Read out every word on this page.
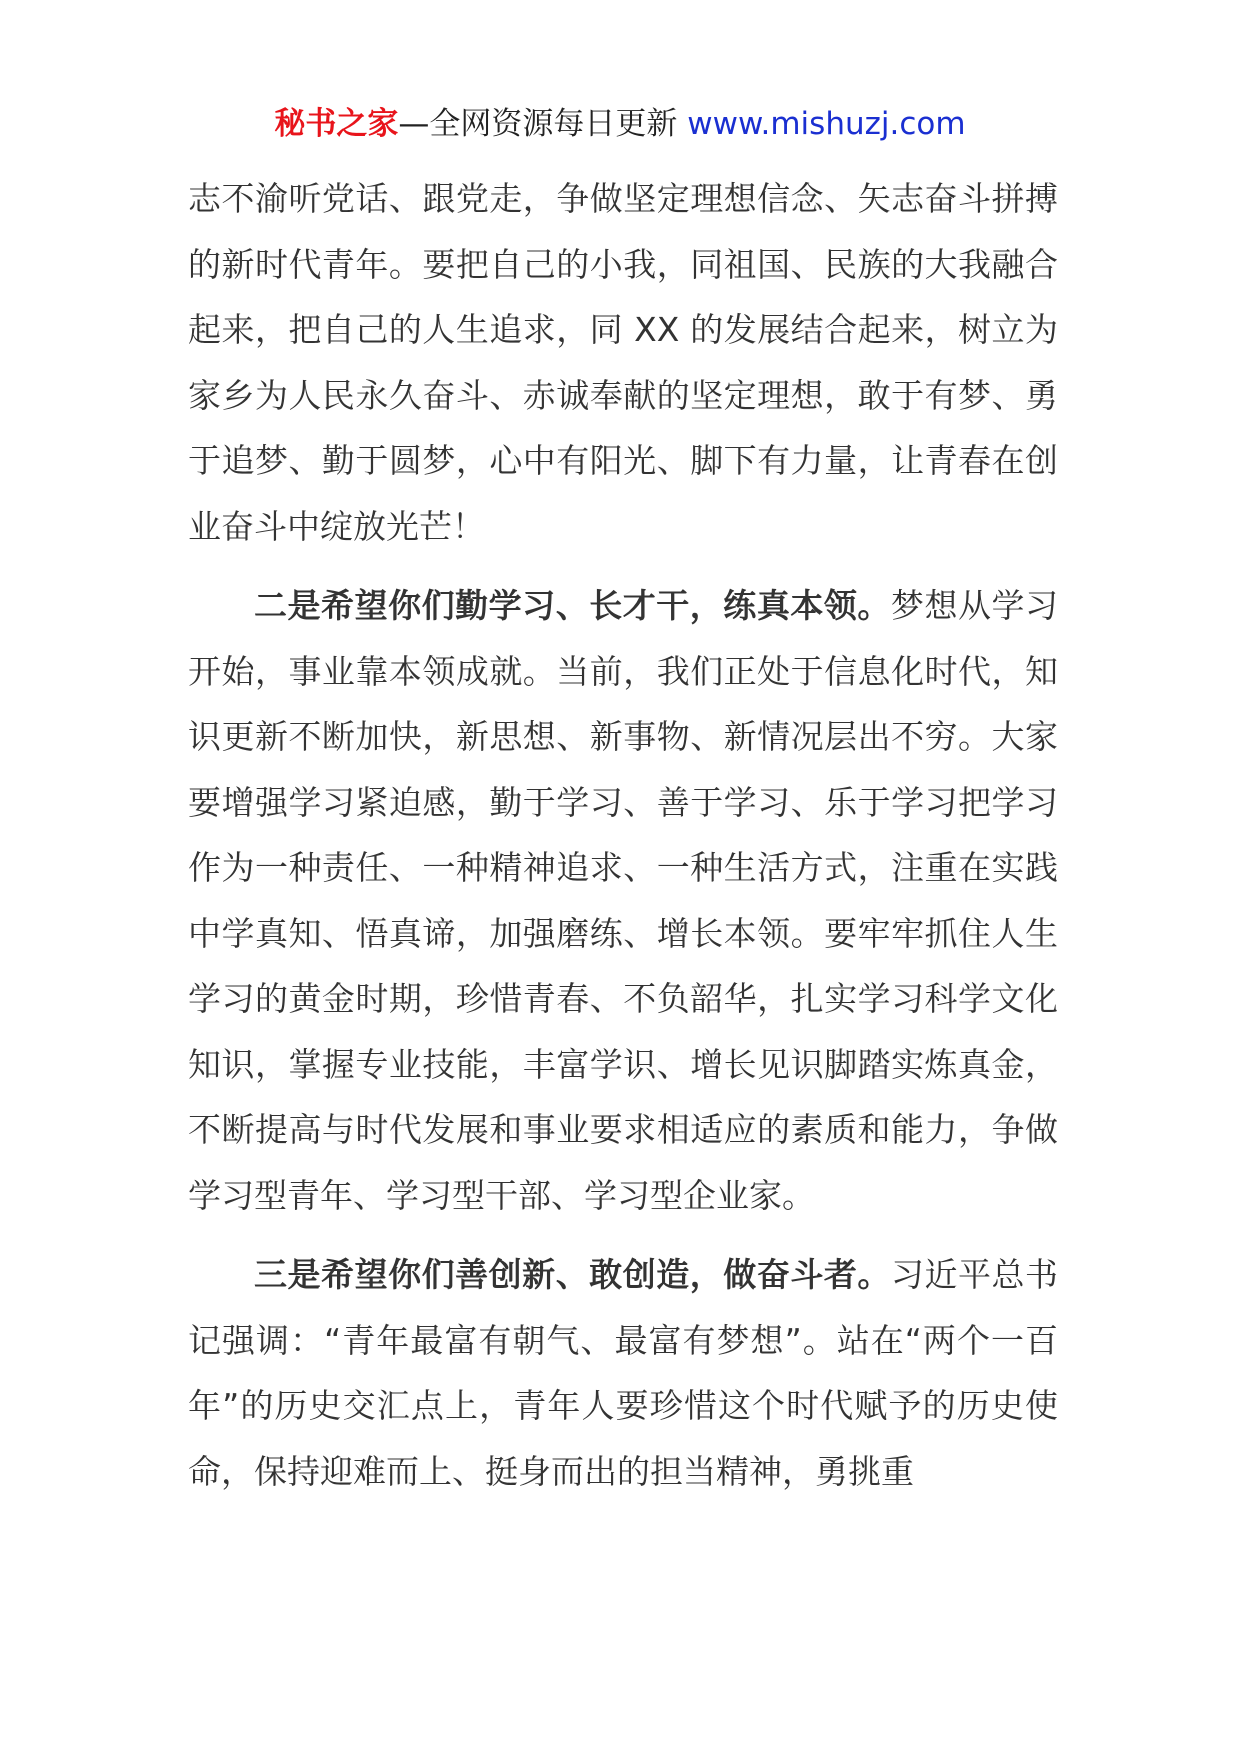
秘书之家—全网资源每日更新 www.mishuzj.com

志不渝听党话、跟党走，争做坚定理想信念、矢志奋斗拼搏的新时代青年。要把自己的小我，同祖国、民族的大我融合起来，把自己的人生追求，同 XX 的发展结合起来，树立为家乡为人民永久奋斗、赤诚奉献的坚定理想，敢于有梦、勇于追梦、勤于圆梦，心中有阳光、脚下有力量，让青春在创业奋斗中绽放光芒！

二是希望你们勤学习、长才干，练真本领。梦想从学习开始，事业靠本领成就。当前，我们正处于信息化时代，知识更新不断加快，新思想、新事物、新情况层出不穷。大家要增强学习紧迫感，勤于学习、善于学习、乐于学习把学习作为一种责任、一种精神追求、一种生活方式，注重在实践中学真知、悟真谛，加强磨练、增长本领。要牢牢抓住人生学习的黄金时期，珍惜青春、不负韶华，扎实学习科学文化知识，掌握专业技能，丰富学识、增长见识脚踏实炼真金，不断提高与时代发展和事业要求相适应的素质和能力，争做学习型青年、学习型干部、学习型企业家。

三是希望你们善创新、敢创造，做奋斗者。习近平总书记强调：“青年最富有朝气、最富有梦想”。站在“两个一百年”的历史交汇点上，青年人要珍惜这个时代赋予的历史使命，保持迎难而上、挺身而出的担当精神，勇挑重
